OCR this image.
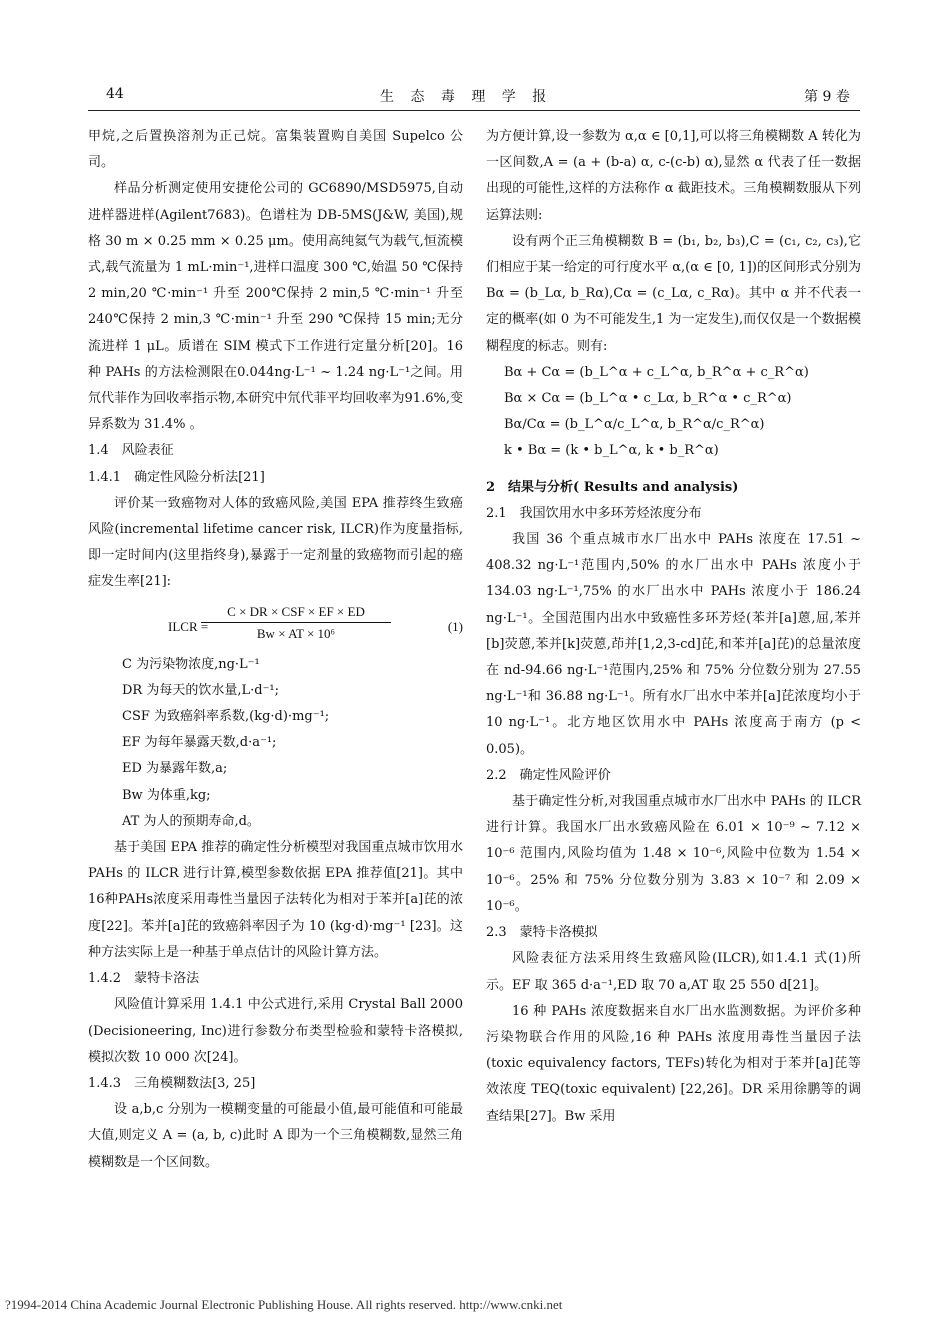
44	生 态 毒 理 学 报	第 9 卷

甲烷,之后置换溶剂为正己烷。富集装置购自美国 Supelco 公司。

样品分析测定使用安捷伦公司的 GC6890/MSD5975,自动进样器进样(Agilent7683)。色谱柱为 DB-5MS(J&W, 美国),规格 30 m × 0.25 mm × 0.25 μm。使用高纯氦气为载气,恒流模式,载气流量为 1 mL·min⁻¹,进样口温度 300 ℃,始温 50 ℃保持 2 min,20 ℃·min⁻¹ 升至 200℃保持 2 min,5 ℃·min⁻¹ 升至 240℃保持 2 min,3 ℃·min⁻¹ 升至 290 ℃保持 15 min;无分流进样 1 μL。质谱在 SIM 模式下工作进行定量分析[20]。16 种 PAHs 的方法检测限在0.044ng·L⁻¹ ~ 1.24 ng·L⁻¹之间。用氘代菲作为回收率指示物,本研究中氘代菲平均回收率为91.6%,变异系数为 31.4% 。

1.4　风险表征

1.4.1　确定性风险分析法[21]

评价某一致癌物对人体的致癌风险,美国 EPA 推荐终生致癌风险(incremental lifetime cancer risk, ILCR)作为度量指标,即一定时间内(这里指终身),暴露于一定剂量的致癌物而引起的癌症发生率[21]:

ILCR =
C × DR × CSF × EF × ED
Bw × AT × 10⁶	(1)

C 为污染物浓度,ng·L⁻¹

DR 为每天的饮水量,L·d⁻¹;

CSF 为致癌斜率系数,(kg·d)·mg⁻¹;

EF 为每年暴露天数,d·a⁻¹;

ED 为暴露年数,a;

Bw 为体重,kg;

AT 为人的预期寿命,d。

基于美国 EPA 推荐的确定性分析模型对我国重点城市饮用水 PAHs 的 ILCR 进行计算,模型参数依据 EPA 推荐值[21]。其中16种PAHs浓度采用毒性当量因子法转化为相对于苯并[a]芘的浓度[22]。苯并[a]芘的致癌斜率因子为 10 (kg·d)·mg⁻¹ [23]。这种方法实际上是一种基于单点估计的风险计算方法。

1.4.2　蒙特卡洛法

风险值计算采用 1.4.1 中公式进行,采用 Crystal Ball 2000 (Decisioneering, Inc)进行参数分布类型检验和蒙特卡洛模拟,模拟次数 10 000 次[24]。

1.4.3　三角模糊数法[3, 25]

设 a,b,c 分别为一模糊变量的可能最小值,最可能值和可能最大值,则定义 A = (a, b, c)此时 A 即为一个三角模糊数,显然三角模糊数是一个区间数。

为方便计算,设一参数为 α,α ∈ [0,1],可以将三角模糊数 A 转化为一区间数,A = (a + (b-a) α, c-(c-b) α),显然 α 代表了任一数据出现的可能性,这样的方法称作 α 截距技术。三角模糊数服从下列运算法则:

设有两个正三角模糊数 B = (b₁, b₂, b₃),C = (c₁, c₂, c₃),它们相应于某一给定的可行度水平 α,(α ∈ [0, 1])的区间形式分别为 Bα = (b_Lα, b_Rα),Cα = (c_Lα, c_Rα)。其中 α 并不代表一定的概率(如 0 为不可能发生,1 为一定发生),而仅仅是一个数据模糊程度的标志。则有:

Bα + Cα = (b_L^α + c_L^α, b_R^α + c_R^α)

Bα × Cα = (b_L^α • c_Lα, b_R^α • c_R^α)

Bα/Cα = (b_L^α/c_L^α, b_R^α/c_R^α)

k • Bα = (k • b_L^α, k • b_R^α)

2　结果与分析( Results and analysis)

2.1　我国饮用水中多环芳烃浓度分布

我国 36 个重点城市水厂出水中 PAHs 浓度在 17.51 ~ 408.32 ng·L⁻¹范围内,50% 的水厂出水中 PAHs 浓度小于 134.03 ng·L⁻¹,75% 的水厂出水中 PAHs 浓度小于 186.24 ng·L⁻¹。全国范围内出水中致癌性多环芳烃(苯并[a]蒽,屈,苯并[b]荧蒽,苯并[k]荧蒽,茚并[1,2,3-cd]芘,和苯并[a]芘)的总量浓度在 nd-94.66 ng·L⁻¹范围内,25% 和 75% 分位数分别为 27.55 ng·L⁻¹和 36.88 ng·L⁻¹。所有水厂出水中苯并[a]芘浓度均小于 10 ng·L⁻¹。北方地区饮用水中 PAHs 浓度高于南方 (p < 0.05)。

2.2　确定性风险评价

基于确定性分析,对我国重点城市水厂出水中 PAHs 的 ILCR 进行计算。我国水厂出水致癌风险在 6.01 × 10⁻⁹ ~ 7.12 × 10⁻⁶ 范围内,风险均值为 1.48 × 10⁻⁶,风险中位数为 1.54 × 10⁻⁶。25% 和 75% 分位数分别为 3.83 × 10⁻⁷ 和 2.09 × 10⁻⁶。

2.3　蒙特卡洛模拟

风险表征方法采用终生致癌风险(ILCR),如1.4.1 式(1)所示。EF 取 365 d·a⁻¹,ED 取 70 a,AT 取 25 550 d[21]。

16 种 PAHs 浓度数据来自水厂出水监测数据。为评价多种污染物联合作用的风险,16 种 PAHs 浓度用毒性当量因子法(toxic equivalency factors, TEFs)转化为相对于苯并[a]芘等效浓度 TEQ(toxic equivalent) [22,26]。DR 采用徐鹏等的调查结果[27]。Bw 采用

?1994-2014 China Academic Journal Electronic Publishing House. All rights reserved. http://www.cnki.net
